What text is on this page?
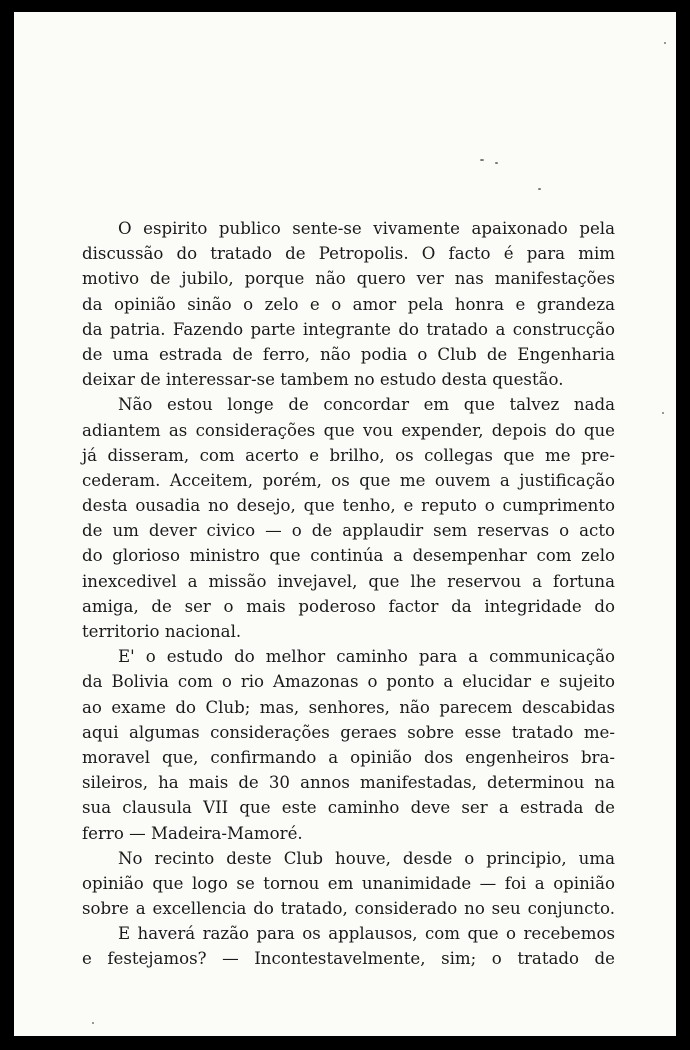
O espirito publico sente-se vivamente apaixonado pela
discussão do tratado de Petropolis. O facto é para mim
motivo de jubilo, porque não quero ver nas manifestações
da opinião sinão o zelo e o amor pela honra e grandeza
da patria. Fazendo parte integrante do tratado a construcção
de uma estrada de ferro, não podia o Club de Engenharia
deixar de interessar-se tambem no estudo desta questão.
Não estou longe de concordar em que talvez nada
adiantem as considerações que vou expender, depois do que
já disseram, com acerto e brilho, os collegas que me pre-
cederam. Acceitem, porém, os que me ouvem a justificação
desta ousadia no desejo, que tenho, e reputo o cumprimento
de um dever civico — o de applaudir sem reservas o acto
do glorioso ministro que continúa a desempenhar com zelo
inexcedivel a missão invejavel, que lhe reservou a fortuna
amiga, de ser o mais poderoso factor da integridade do
territorio nacional.
E' o estudo do melhor caminho para a communicação
da Bolivia com o rio Amazonas o ponto a elucidar e sujeito
ao exame do Club; mas, senhores, não parecem descabidas
aqui algumas considerações geraes sobre esse tratado me-
moravel que, confirmando a opinião dos engenheiros bra-
sileiros, ha mais de 30 annos manifestadas, determinou na
sua clausula VII que este caminho deve ser a estrada de
ferro — Madeira-Mamoré.
No recinto deste Club houve, desde o principio, uma
opinião que logo se tornou em unanimidade — foi a opinião
sobre a excellencia do tratado, considerado no seu conjuncto.
E haverá razão para os applausos, com que o recebemos
e festejamos? — Incontestavelmente, sim; o tratado de
